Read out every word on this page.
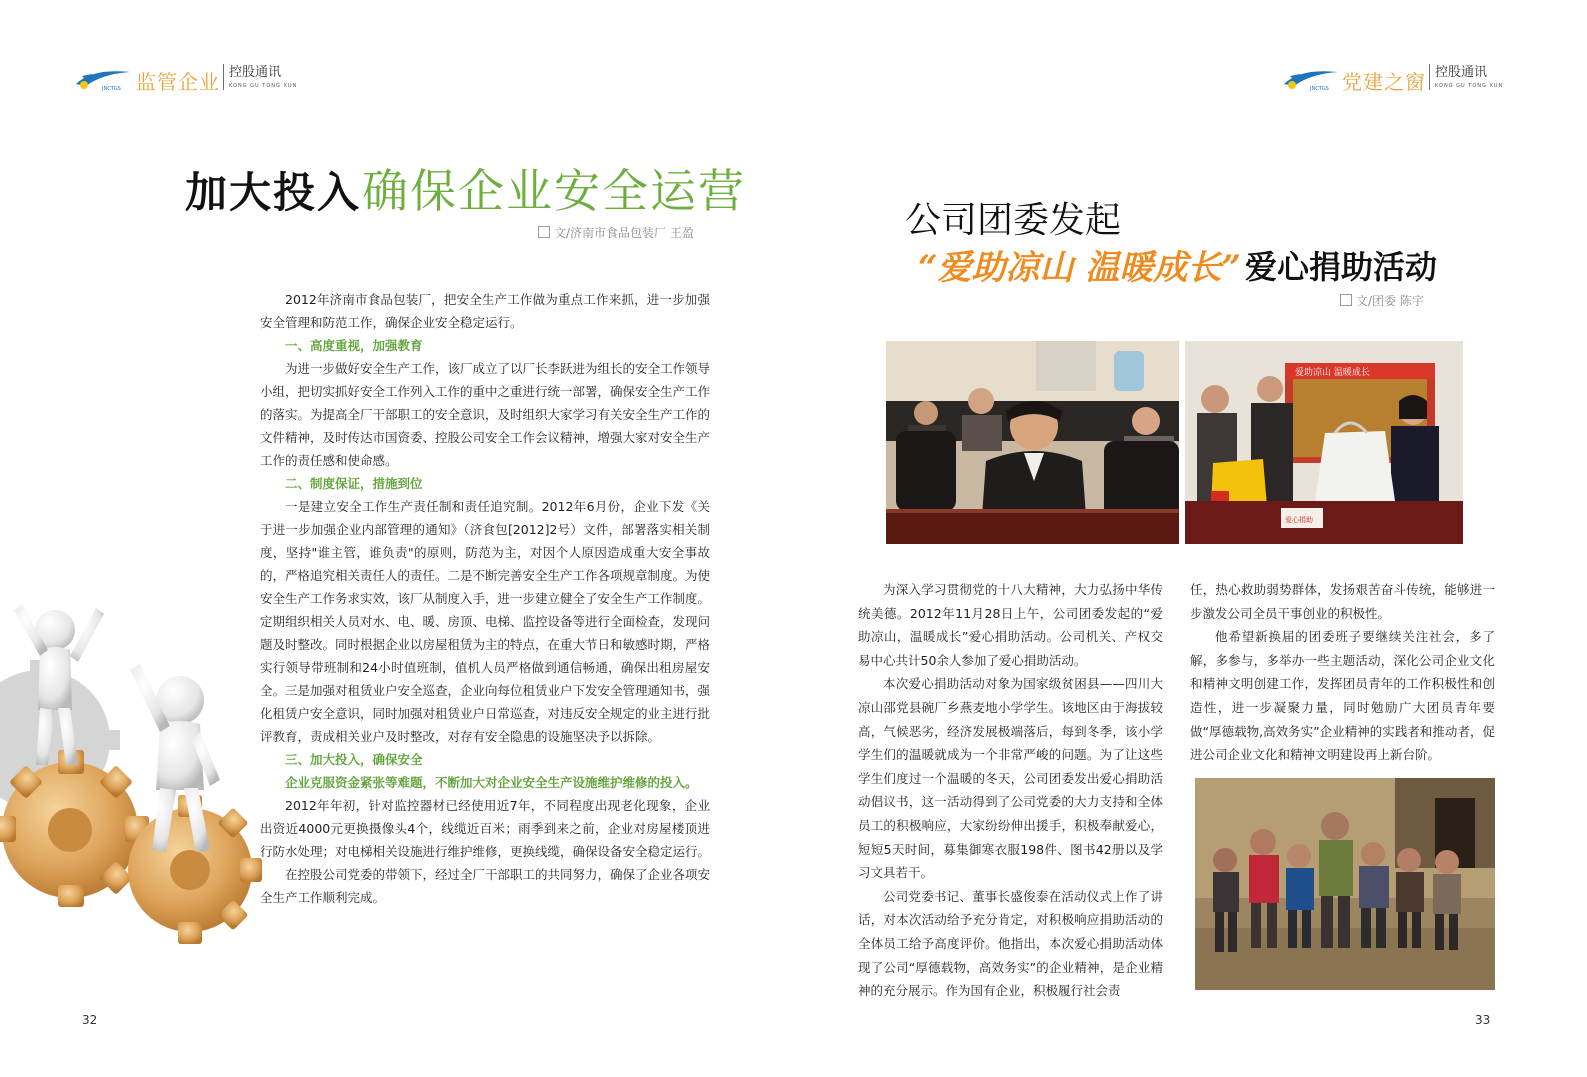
JNCTGS 监管企业 控股通讯
KONG GU TONG XUN
加大投入 确保企业安全运营
文/济南市食品包装厂 王盈

2012年济南市食品包装厂，把安全生产工作做为重点工作来抓，进一步加强安全管理和防范工作，确保企业安全稳定运行。

一、高度重视，加强教育

为进一步做好安全生产工作，该厂成立了以厂长李跃进为组长的安全工作领导小组，把切实抓好安全工作列入工作的重中之重进行统一部署，确保安全生产工作的落实。为提高全厂干部职工的安全意识，及时组织大家学习有关安全生产工作的文件精神，及时传达市国资委、控股公司安全工作会议精神，增强大家对安全生产工作的责任感和使命感。

二、制度保证，措施到位

一是建立安全工作生产责任制和责任追究制。2012年6月份，企业下发《关于进一步加强企业内部管理的通知》（济食包[2012]2号）文件，部署落实相关制度，坚持"谁主管，谁负责"的原则，防范为主，对因个人原因造成重大安全事故的，严格追究相关责任人的责任。二是不断完善安全生产工作各项规章制度。为使安全生产工作务求实效，该厂从制度入手，进一步建立健全了安全生产工作制度。定期组织相关人员对水、电、暖、房顶、电梯、监控设备等进行全面检查，发现问题及时整改。同时根据企业以房屋租赁为主的特点，在重大节日和敏感时期，严格实行领导带班制和24小时值班制，值机人员严格做到通信畅通，确保出租房屋安全。三是加强对租赁业户安全巡查，企业向每位租赁业户下发安全管理通知书，强化租赁户安全意识，同时加强对租赁业户日常巡查，对违反安全规定的业主进行批评教育，责成相关业户及时整改，对存有安全隐患的设施坚决予以拆除。

三、加大投入，确保安全

企业克服资金紧张等难题，不断加大对企业安全生产设施维护维修的投入。

2012年年初，针对监控器材已经使用近7年，不同程度出现老化现象，企业出资近4000元更换摄像头4个，线缆近百米；雨季到来之前，企业对房屋楼顶进行防水处理；对电梯相关设施进行维护维修，更换线缆，确保设备安全稳定运行。

在控股公司党委的带领下，经过全厂干部职工的共同努力，确保了企业各项安全生产工作顺利完成。

32
JNCTGS 党建之窗 控股通讯
KONG GU TONG XUN
公司团委发起
“爱助凉山 温暖成长” 爱心捐助活动
文/团委 陈宇
爱助凉山 温暖成长
爱心捐助

为深入学习贯彻党的十八大精神，大力弘扬中华传统美德。2012年11月28日上午，公司团委发起的“爱助凉山，温暖成长”爱心捐助活动。公司机关、产权交易中心共计50余人参加了爱心捐助活动。

本次爱心捐助活动对象为国家级贫困县——四川大凉山邵党县碗厂乡燕麦地小学学生。该地区由于海拔较高，气候恶劣，经济发展极端落后，每到冬季，该小学学生们的温暖就成为一个非常严峻的问题。为了让这些学生们度过一个温暖的冬天，公司团委发出爱心捐助活动倡议书，这一活动得到了公司党委的大力支持和全体员工的积极响应，大家纷纷伸出援手，积极奉献爱心，短短5天时间，募集御寒衣服198件、图书42册以及学习文具若干。

公司党委书记、董事长盛俊泰在活动仪式上作了讲话，对本次活动给予充分肯定，对积极响应捐助活动的全体员工给予高度评价。他指出，本次爱心捐助活动体现了公司“厚德载物，高效务实”的企业精神，是企业精神的充分展示。作为国有企业，积极履行社会责

任，热心救助弱势群体，发扬艰苦奋斗传统，能够进一步激发公司全员干事创业的积极性。

他希望新换届的团委班子要继续关注社会，多了解，多参与，多举办一些主题活动，深化公司企业文化和精神文明创建工作，发挥团员青年的工作积极性和创造性，进一步凝聚力量，同时勉励广大团员青年要做“厚德载物,高效务实”企业精神的实践者和推动者，促进公司企业文化和精神文明建设再上新台阶。

33
